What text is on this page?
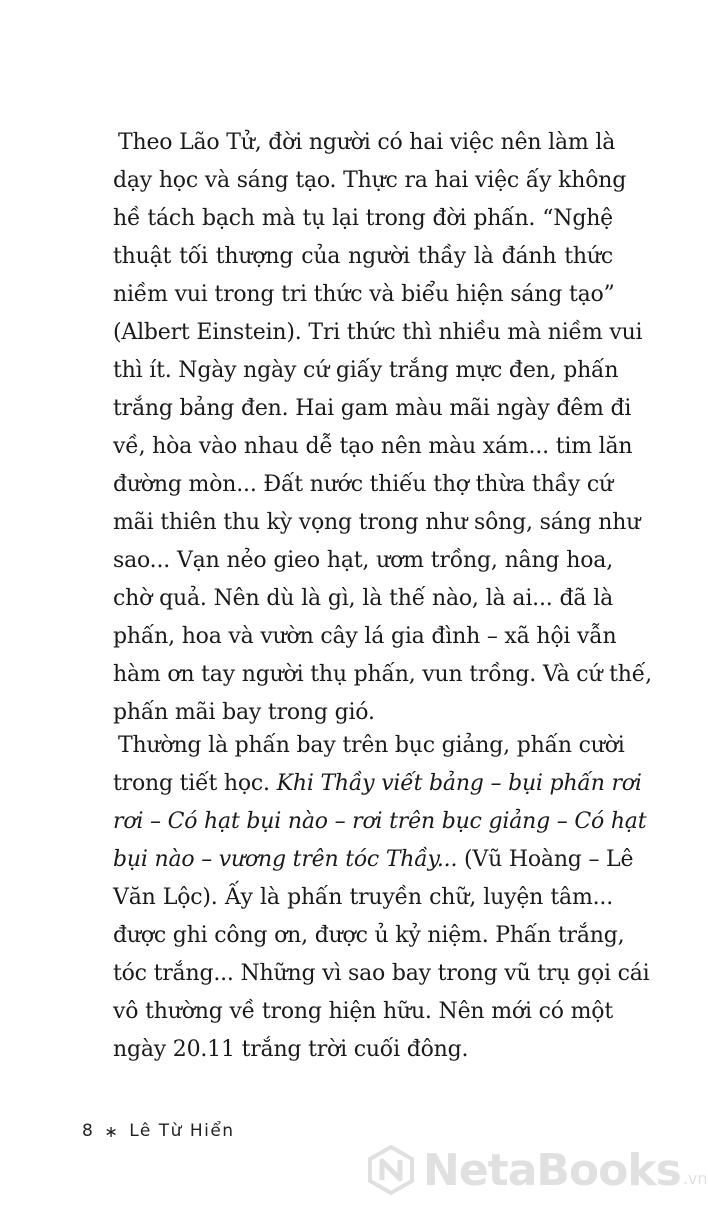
Theo Lão Tử, đời người có hai việc nên làm là
dạy học và sáng tạo. Thực ra hai việc ấy không
hề tách bạch mà tụ lại trong đời phấn. “Nghệ
thuật tối thượng của người thầy là đánh thức
niềm vui trong tri thức và biểu hiện sáng tạo”
(Albert Einstein). Tri thức thì nhiều mà niềm vui
thì ít. Ngày ngày cứ giấy trắng mực đen, phấn
trắng bảng đen. Hai gam màu mãi ngày đêm đi
về, hòa vào nhau dễ tạo nên màu xám... tim lăn
đường mòn... Đất nước thiếu thợ thừa thầy cứ
mãi thiên thu kỳ vọng trong như sông, sáng như
sao... Vạn nẻo gieo hạt, ươm trồng, nâng hoa,
chờ quả. Nên dù là gì, là thế nào, là ai... đã là
phấn, hoa và vườn cây lá gia đình – xã hội vẫn
hàm ơn tay người thụ phấn, vun trồng. Và cứ thế,
phấn mãi bay trong gió.
Thường là phấn bay trên bục giảng, phấn cười
trong tiết học. Khi Thầy viết bảng – bụi phấn rơi
rơi – Có hạt bụi nào – rơi trên bục giảng – Có hạt
bụi nào – vương trên tóc Thầy... (Vũ Hoàng – Lê
Văn Lộc). Ấy là phấn truyền chữ, luyện tâm...
được ghi công ơn, được ủ kỷ niệm. Phấn trắng,
tóc trắng... Những vì sao bay trong vũ trụ gọi cái
vô thường về trong hiện hữu. Nên mới có một
ngày 20.11 trắng trời cuối đông.
8 ∗ Lê Từ Hiển
NetaBooks .vn
